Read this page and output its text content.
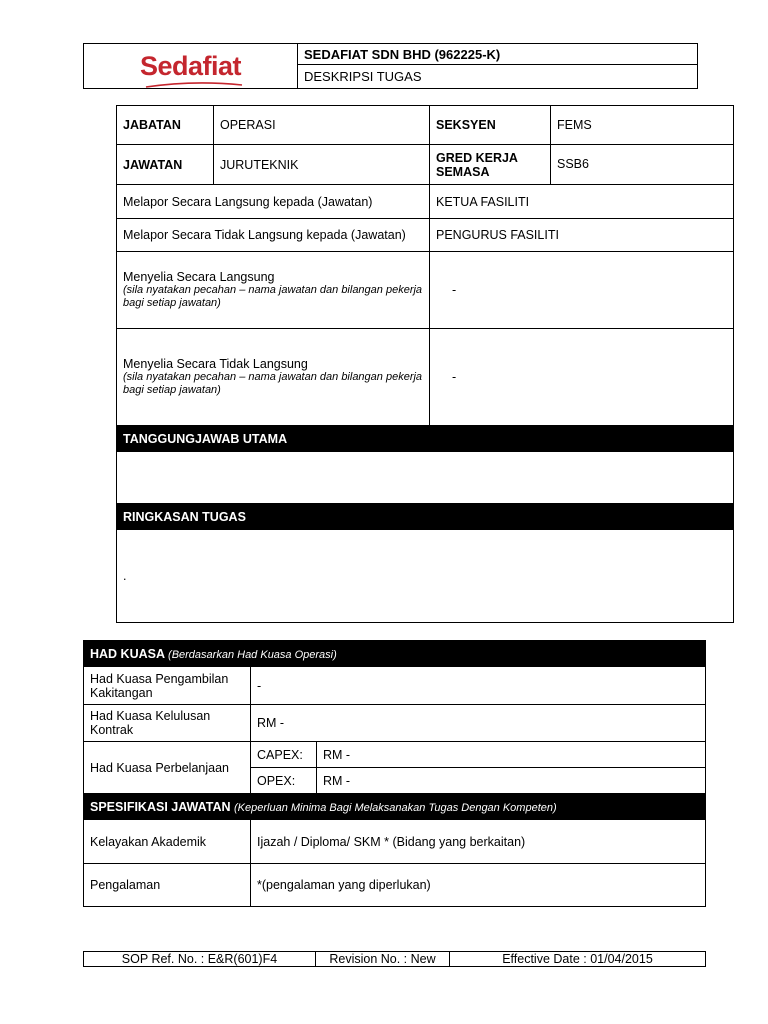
Sedafiat	SEDAFIAT SDN BHD (962225-K)
DESKRIPSI TUGAS
JABATAN	OPERASI	SEKSYEN	FEMS
JAWATAN	JURUTEKNIK	GRED KERJA SEMASA	SSB6
Melapor Secara Langsung kepada (Jawatan)		KETUA FASILITI	
Melapor Secara Tidak Langsung kepada (Jawatan)		PENGURUS FASILITI	

Menyelia Secara Langsung
(sila nyatakan pecahan – nama jawatan dan bilangan pekerja bagi setiap jawatan)		-	

Menyelia Secara Tidak Langsung
(sila nyatakan pecahan – nama jawatan dan bilangan pekerja bagi setiap jawatan)		-	
TANGGUNGJAWAB UTAMA			

RINGKASAN TUGAS			
.			
HAD KUASA (Berdasarkan Had Kuasa Operasi)		
Had Kuasa Pengambilan Kakitangan	-	
Had Kuasa Kelulusan Kontrak	RM -	
Had Kuasa Perbelanjaan	CAPEX:	RM -
	OPEX:	RM -
SPESIFIKASI JAWATAN (Keperluan Minima Bagi Melaksanakan Tugas Dengan Kompeten)		
Kelayakan Akademik	Ijazah / Diploma/ SKM * (Bidang yang berkaitan)	
Pengalaman	*(pengalaman yang diperlukan)	
SOP Ref. No. : E&R(601)F4	Revision No. : New	Effective Date : 01/04/2015
